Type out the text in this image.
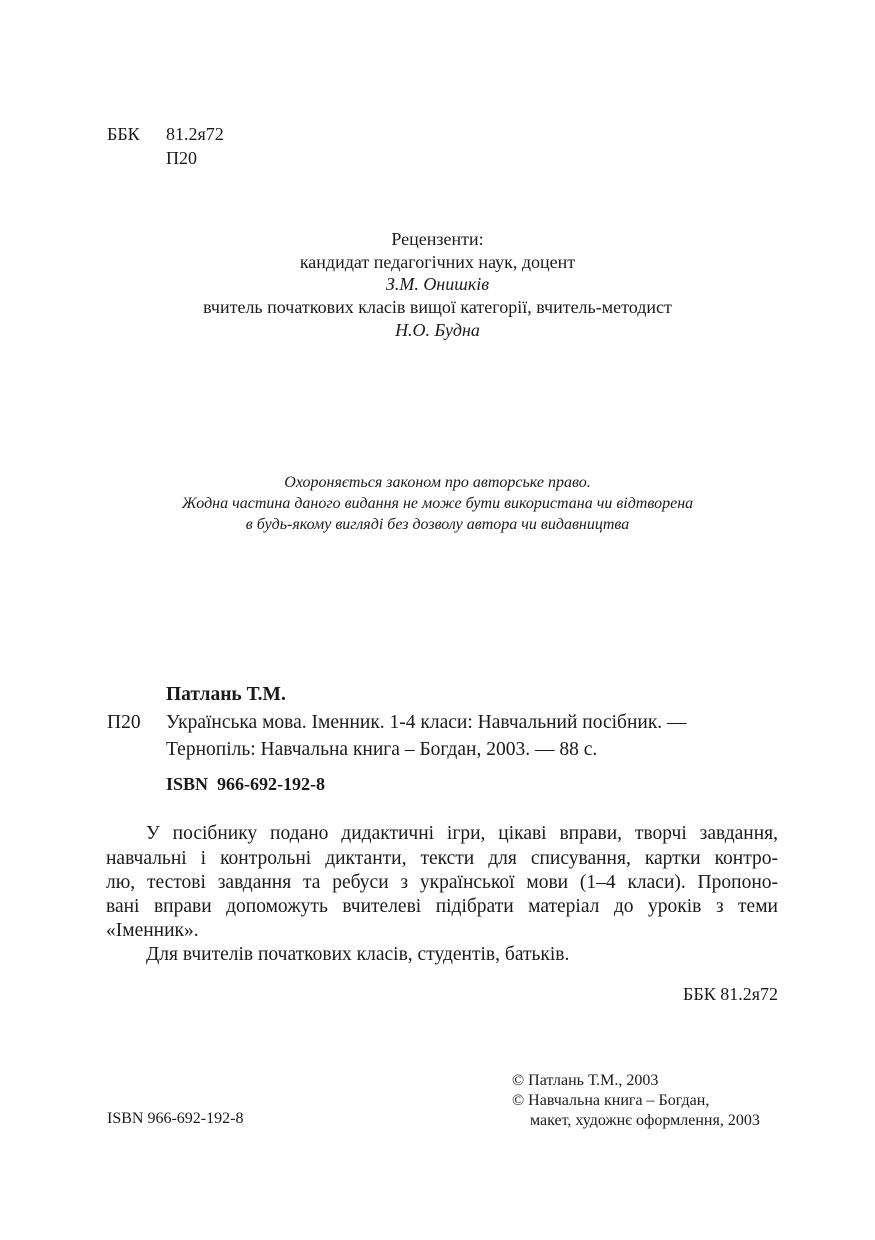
ББК 81.2я72
П20
Рецензенти:
кандидат педагогічних наук, доцент
З.М. Онишків
вчитель початкових класів вищої категорії, вчитель-методист
Н.О. Будна
Охороняється законом про авторське право.
Жодна частина даного видання не може бути використана чи відтворена
в будь-якому вигляді без дозволу автора чи видавництва
Патлань Т.М.
П20 Українська мова. Іменник. 1-4 класи: Навчальний посібник. —
Тернопіль: Навчальна книга – Богдан, 2003. — 88 с.
ISBN  966-692-192-8
У посібнику подано дидактичні ігри, цікаві вправи, творчі завдання,
навчальні і контрольні диктанти, тексти для списування, картки контро-
лю, тестові завдання та ребуси з української мови (1–4 класи). Пропоно-
вані вправи допоможуть вчителеві підібрати матеріал до уроків з теми
«Іменник».
Для вчителів початкових класів, студентів, батьків.
ББК 81.2я72
ISBN 966-692-192-8
© Патлань Т.М., 2003
© Навчальна книга – Богдан,
макет, художнє оформлення, 2003
